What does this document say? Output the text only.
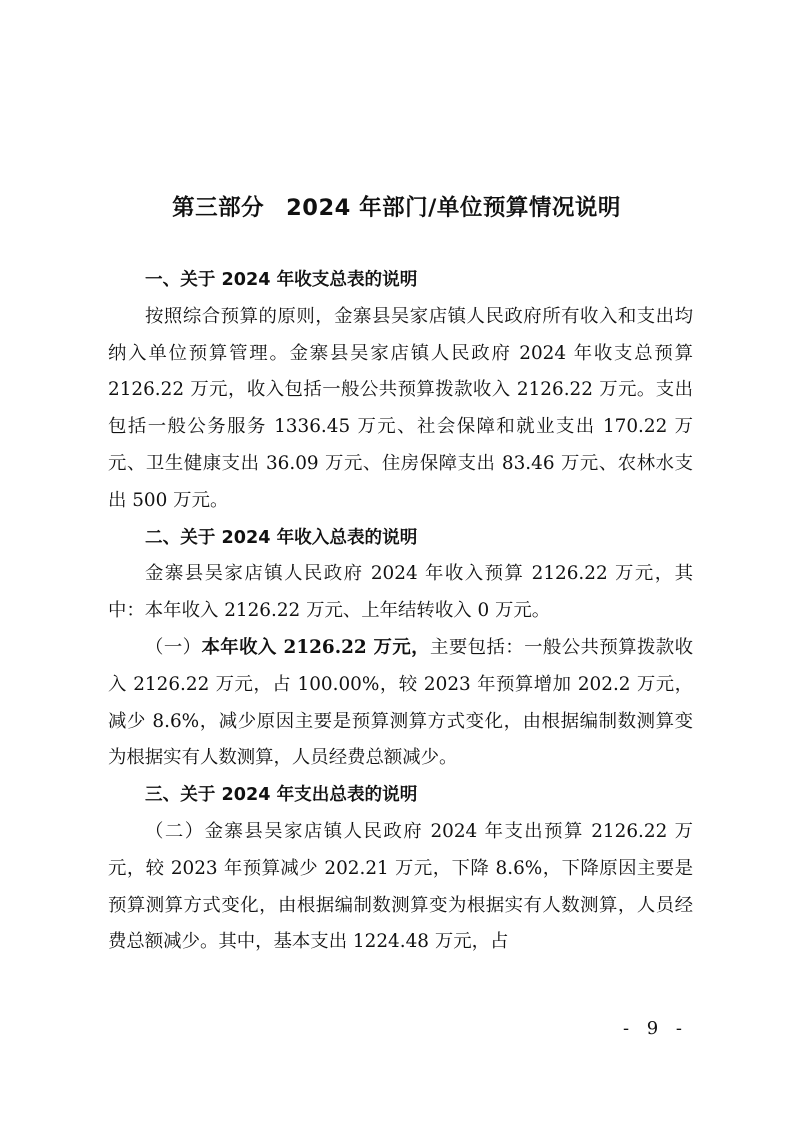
第三部分 2024 年部门/单位预算情况说明

一、关于 2024 年收支总表的说明

按照综合预算的原则，金寨县吴家店镇人民政府所有收入和支出均纳入单位预算管理。金寨县吴家店镇人民政府 2024 年收支总预算 2126.22 万元，收入包括一般公共预算拨款收入 2126.22 万元。支出包括一般公务服务 1336.45 万元、社会保障和就业支出 170.22 万元、卫生健康支出 36.09 万元、住房保障支出 83.46 万元、农林水支出 500 万元。

二、关于 2024 年收入总表的说明

金寨县吴家店镇人民政府 2024 年收入预算 2126.22 万元，其中：本年收入 2126.22 万元、上年结转收入 0 万元。

（一）本年收入 2126.22 万元，主要包括：一般公共预算拨款收入 2126.22 万元，占 100.00%，较 2023 年预算增加 202.2 万元，减少 8.6%，减少原因主要是预算测算方式变化，由根据编制数测算变为根据实有人数测算，人员经费总额减少。

三、关于 2024 年支出总表的说明

（二）金寨县吴家店镇人民政府 2024 年支出预算 2126.22 万元，较 2023 年预算减少 202.21 万元，下降 8.6%，下降原因主要是预算测算方式变化，由根据编制数测算变为根据实有人数测算，人员经费总额减少。其中，基本支出 1224.48 万元，占

- 9 -
